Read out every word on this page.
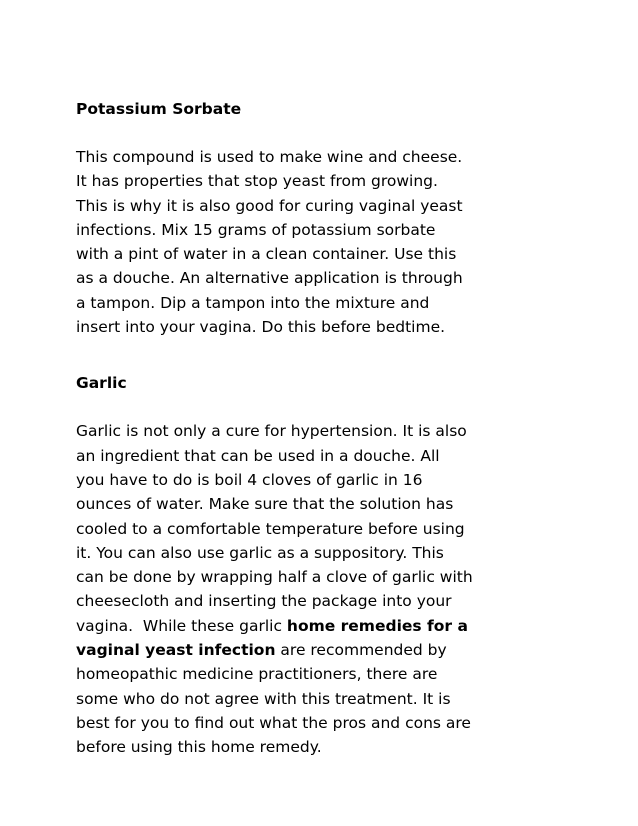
Potassium Sorbate
This compound is used to make wine and cheese.
It has properties that stop yeast from growing.
This is why it is also good for curing vaginal yeast
infections. Mix 15 grams of potassium sorbate
with a pint of water in a clean container. Use this
as a douche. An alternative application is through
a tampon. Dip a tampon into the mixture and
insert into your vagina. Do this before bedtime.
Garlic
Garlic is not only a cure for hypertension. It is also
an ingredient that can be used in a douche. All
you have to do is boil 4 cloves of garlic in 16
ounces of water. Make sure that the solution has
cooled to a comfortable temperature before using
it. You can also use garlic as a suppository. This
can be done by wrapping half a clove of garlic with
cheesecloth and inserting the package into your
vagina.  While these garlic home remedies for a
vaginal yeast infection are recommended by
homeopathic medicine practitioners, there are
some who do not agree with this treatment. It is
best for you to find out what the pros and cons are
before using this home remedy.
